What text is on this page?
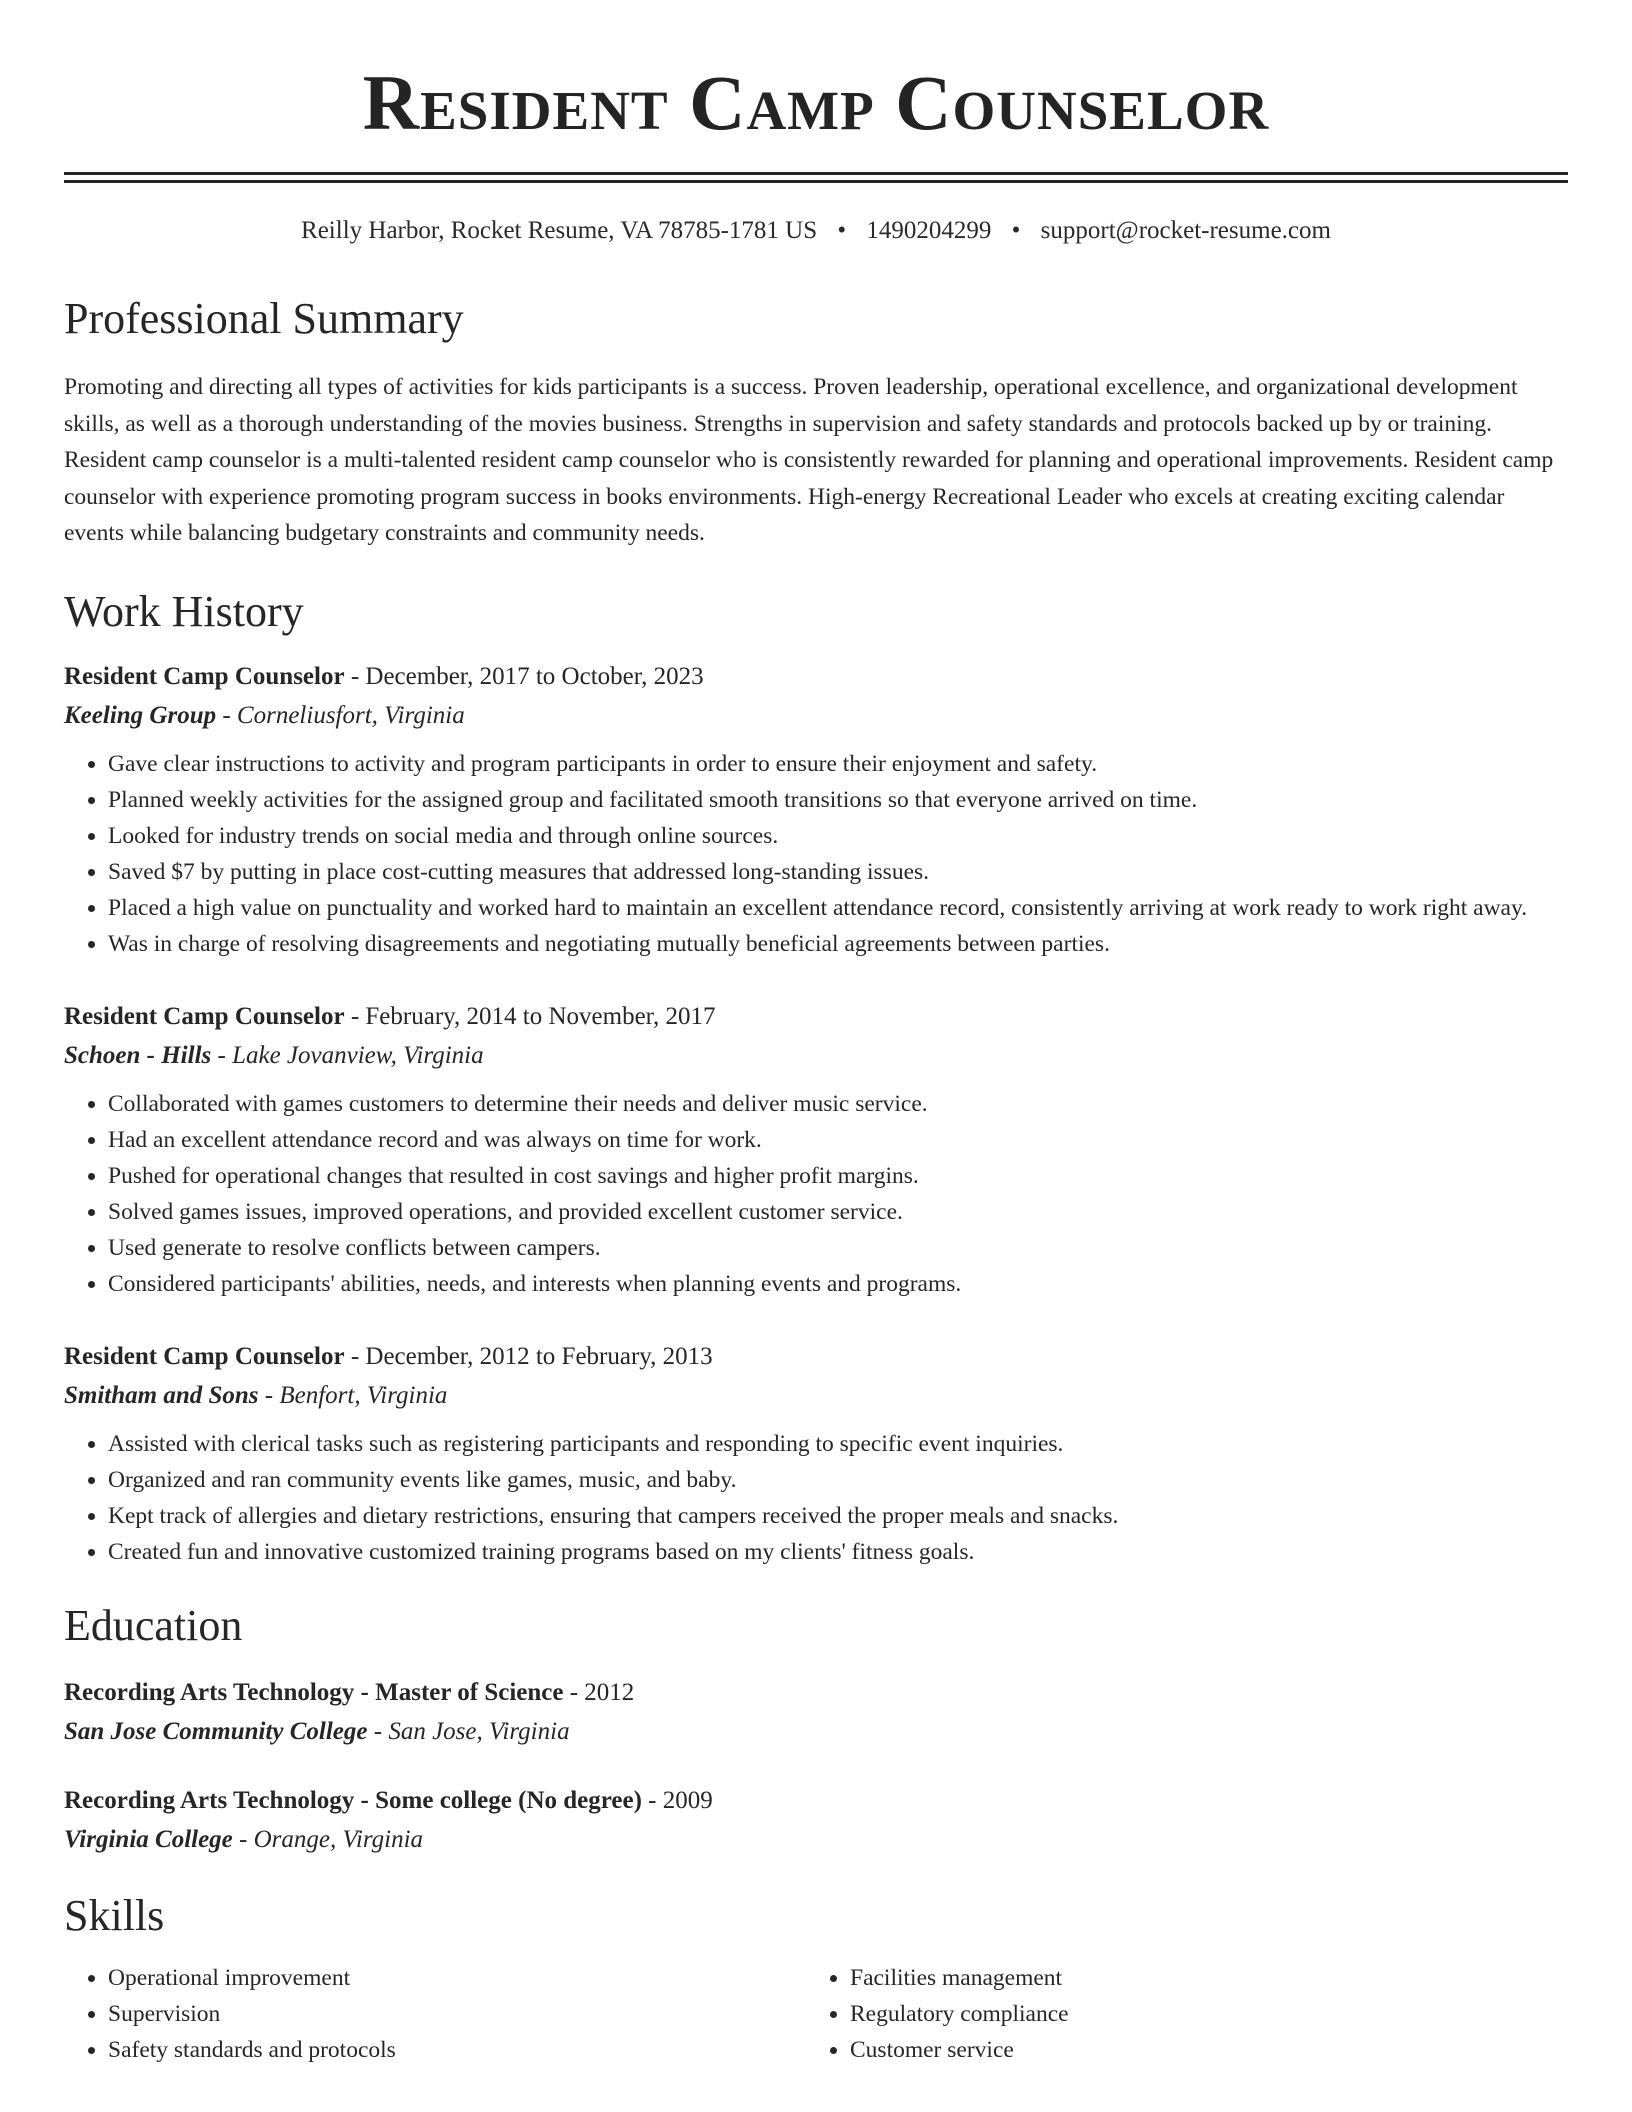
Resident Camp Counselor
Reilly Harbor, Rocket Resume, VA 78785-1781 US • 1490204299 • support@rocket-resume.com
Professional Summary

Promoting and directing all types of activities for kids participants is a success. Proven leadership, operational excellence, and organizational development skills, as well as a thorough understanding of the movies business. Strengths in supervision and safety standards and protocols backed up by or training. Resident camp counselor is a multi-talented resident camp counselor who is consistently rewarded for planning and operational improvements. Resident camp counselor with experience promoting program success in books environments. High-energy Recreational Leader who excels at creating exciting calendar events while balancing budgetary constraints and community needs.

Work History
Resident Camp Counselor - December, 2017 to October, 2023
Keeling Group - Corneliusfort, Virginia
• Gave clear instructions to activity and program participants in order to ensure their enjoyment and safety.
• Planned weekly activities for the assigned group and facilitated smooth transitions so that everyone arrived on time.
• Looked for industry trends on social media and through online sources.
• Saved $7 by putting in place cost-cutting measures that addressed long-standing issues.
• Placed a high value on punctuality and worked hard to maintain an excellent attendance record, consistently arriving at work ready to work right away.
• Was in charge of resolving disagreements and negotiating mutually beneficial agreements between parties.
Resident Camp Counselor - February, 2014 to November, 2017
Schoen - Hills - Lake Jovanview, Virginia
• Collaborated with games customers to determine their needs and deliver music service.
• Had an excellent attendance record and was always on time for work.
• Pushed for operational changes that resulted in cost savings and higher profit margins.
• Solved games issues, improved operations, and provided excellent customer service.
• Used generate to resolve conflicts between campers.
• Considered participants' abilities, needs, and interests when planning events and programs.
Resident Camp Counselor - December, 2012 to February, 2013
Smitham and Sons - Benfort, Virginia
• Assisted with clerical tasks such as registering participants and responding to specific event inquiries.
• Organized and ran community events like games, music, and baby.
• Kept track of allergies and dietary restrictions, ensuring that campers received the proper meals and snacks.
• Created fun and innovative customized training programs based on my clients' fitness goals.
Education
Recording Arts Technology - Master of Science - 2012
San Jose Community College - San Jose, Virginia
Recording Arts Technology - Some college (No degree) - 2009
Virginia College - Orange, Virginia
Skills
• Operational improvement
• Supervision
• Safety standards and protocols
• Facilities management
• Regulatory compliance
• Customer service
